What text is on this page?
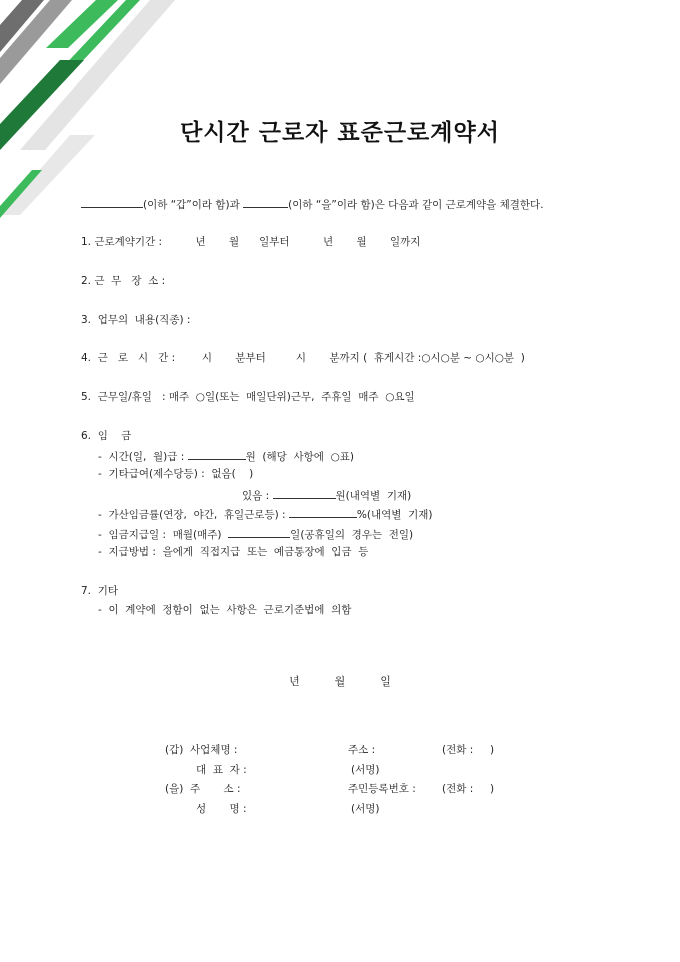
단시간 근로자 표준근로계약서
(이하 “갑”이라 함)과	(이하 “을”이라 함)은 다음과 같이 근로계약을 체결한다.
1. 근로계약기간 :          년       월      일부터          년       월       일까지
2. 근  무   장  소 :
3.  업무의  내용(직종) :
4.  근   로   시   간 :        시       분부터         시       분까지 (  휴게시간 :○시○분 ~ ○시○분  )
5.  근무일/휴일   : 매주  ○일(또는  매일단위)근무,  주휴일  매주  ○요일
6.  임    금
-  시간(일,  월)급 :	원  (해당  사항에  ○표)
-  기타급여(제수당등) :  없음(    )
있음 :	원(내역별  기재)
-  가산임금률(연장,  야간,  휴일근로등) :	%(내역별  기재)
-  임금지급일 :  매월(매주)	일(공휴일의  경우는  전일)
-  지급방법 :  을에게  직접지급  또는  예금통장에  입금  등
7.  기타
-  이  계약에  정함이  없는  사항은  근로기준법에  의함
년          월          일
(갑)  사업체명 :	주소 :	(전화 :     )
대  표  자 :	(서명)
(을)  주       소 :	주민등록번호 :	(전화 :     )
성       명 :	(서명)
